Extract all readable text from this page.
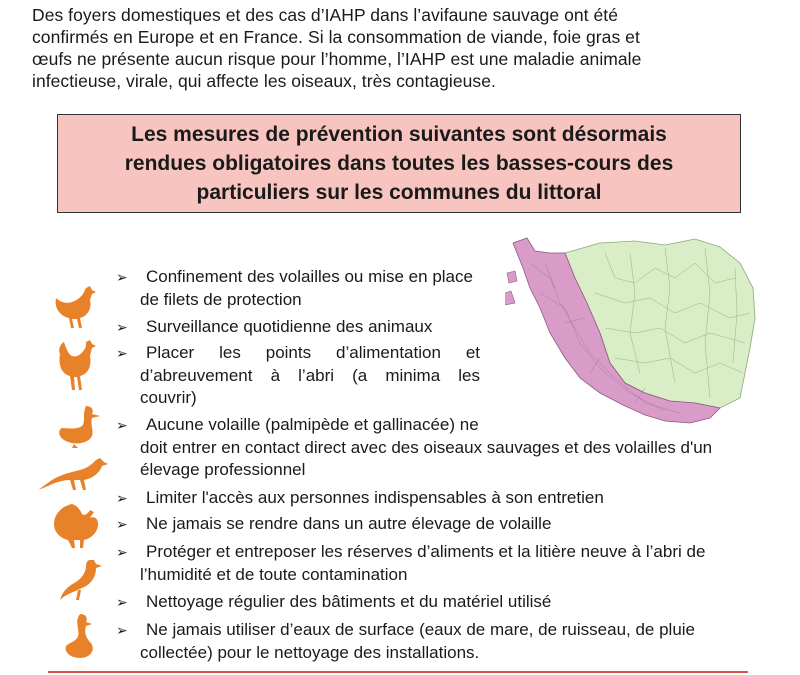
Des foyers domestiques et des cas d’IAHP dans l’avifaune sauvage ont été
confirmés en Europe et en France. Si la consommation de viande, foie gras et
œufs ne présente aucun risque pour l’homme, l’IAHP est une maladie animale
infectieuse, virale, qui affecte les oiseaux, très contagieuse.
Les mesures de prévention suivantes sont désormais
rendues obligatoires dans toutes les basses-cours des
particuliers sur les communes du littoral
➢	Confinement des volailles ou mise en place
de filets de protection
➢	Surveillance quotidienne des animaux
➢	Placer les points d’alimentation et
d’abreuvement à l’abri (a minima les
couvrir)
➢	Aucune volaille (palmipède et gallinacée) ne
doit entrer en contact direct avec des oiseaux sauvages et des volailles d'un
élevage professionnel
➢	Limiter l'accès aux personnes indispensables à son entretien
➢	Ne jamais se rendre dans un autre élevage de volaille
➢	Protéger et entreposer les réserves d’aliments et la litière neuve à l’abri de
l’humidité et de toute contamination
➢	Nettoyage régulier des bâtiments et du matériel utilisé
➢	Ne jamais utiliser d’eaux de surface (eaux de mare, de ruisseau, de pluie
collectée) pour le nettoyage des installations.
